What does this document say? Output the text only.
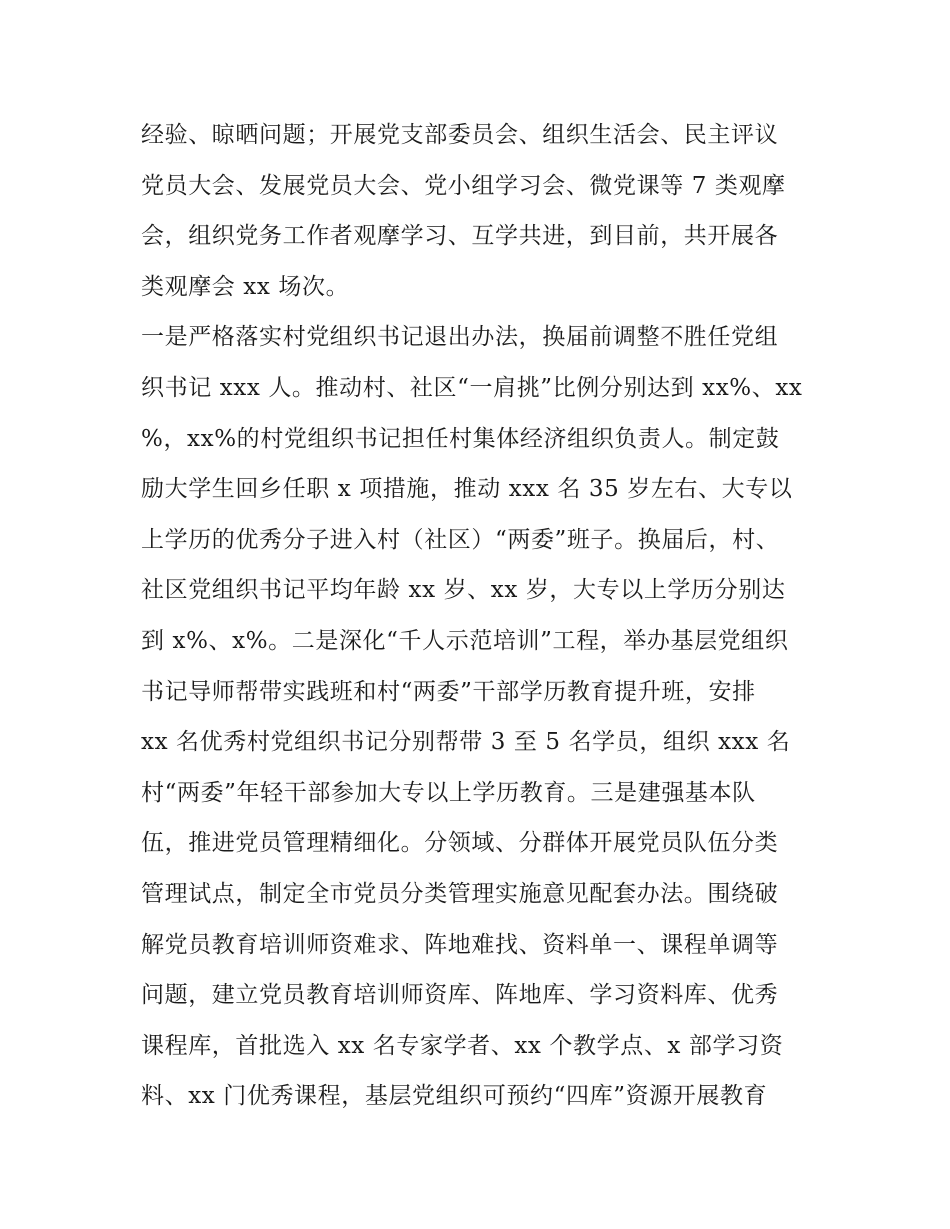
经验、晾晒问题；开展党支部委员会、组织生活会、民主评议
党员大会、发展党员大会、党小组学习会、微党课等 7 类观摩
会，组织党务工作者观摩学习、互学共进，到目前，共开展各
类观摩会 xx 场次。
一是严格落实村党组织书记退出办法，换届前调整不胜任党组
织书记 xxx 人。推动村、社区“一肩挑”比例分别达到 xx%、xx
%，xx%的村党组织书记担任村集体经济组织负责人。制定鼓
励大学生回乡任职 x 项措施，推动 xxx 名 35 岁左右、大专以
上学历的优秀分子进入村（社区）“两委”班子。换届后，村、
社区党组织书记平均年龄 xx 岁、xx 岁，大专以上学历分别达
到 x%、x%。二是深化“千人示范培训”工程，举办基层党组织
书记导师帮带实践班和村“两委”干部学历教育提升班，安排
xx 名优秀村党组织书记分别帮带 3 至 5 名学员，组织 xxx 名
村“两委”年轻干部参加大专以上学历教育。三是建强基本队
伍，推进党员管理精细化。分领域、分群体开展党员队伍分类
管理试点，制定全市党员分类管理实施意见配套办法。围绕破
解党员教育培训师资难求、阵地难找、资料单一、课程单调等
问题，建立党员教育培训师资库、阵地库、学习资料库、优秀
课程库，首批选入 xx 名专家学者、xx 个教学点、x 部学习资
料、xx 门优秀课程，基层党组织可预约“四库”资源开展教育
